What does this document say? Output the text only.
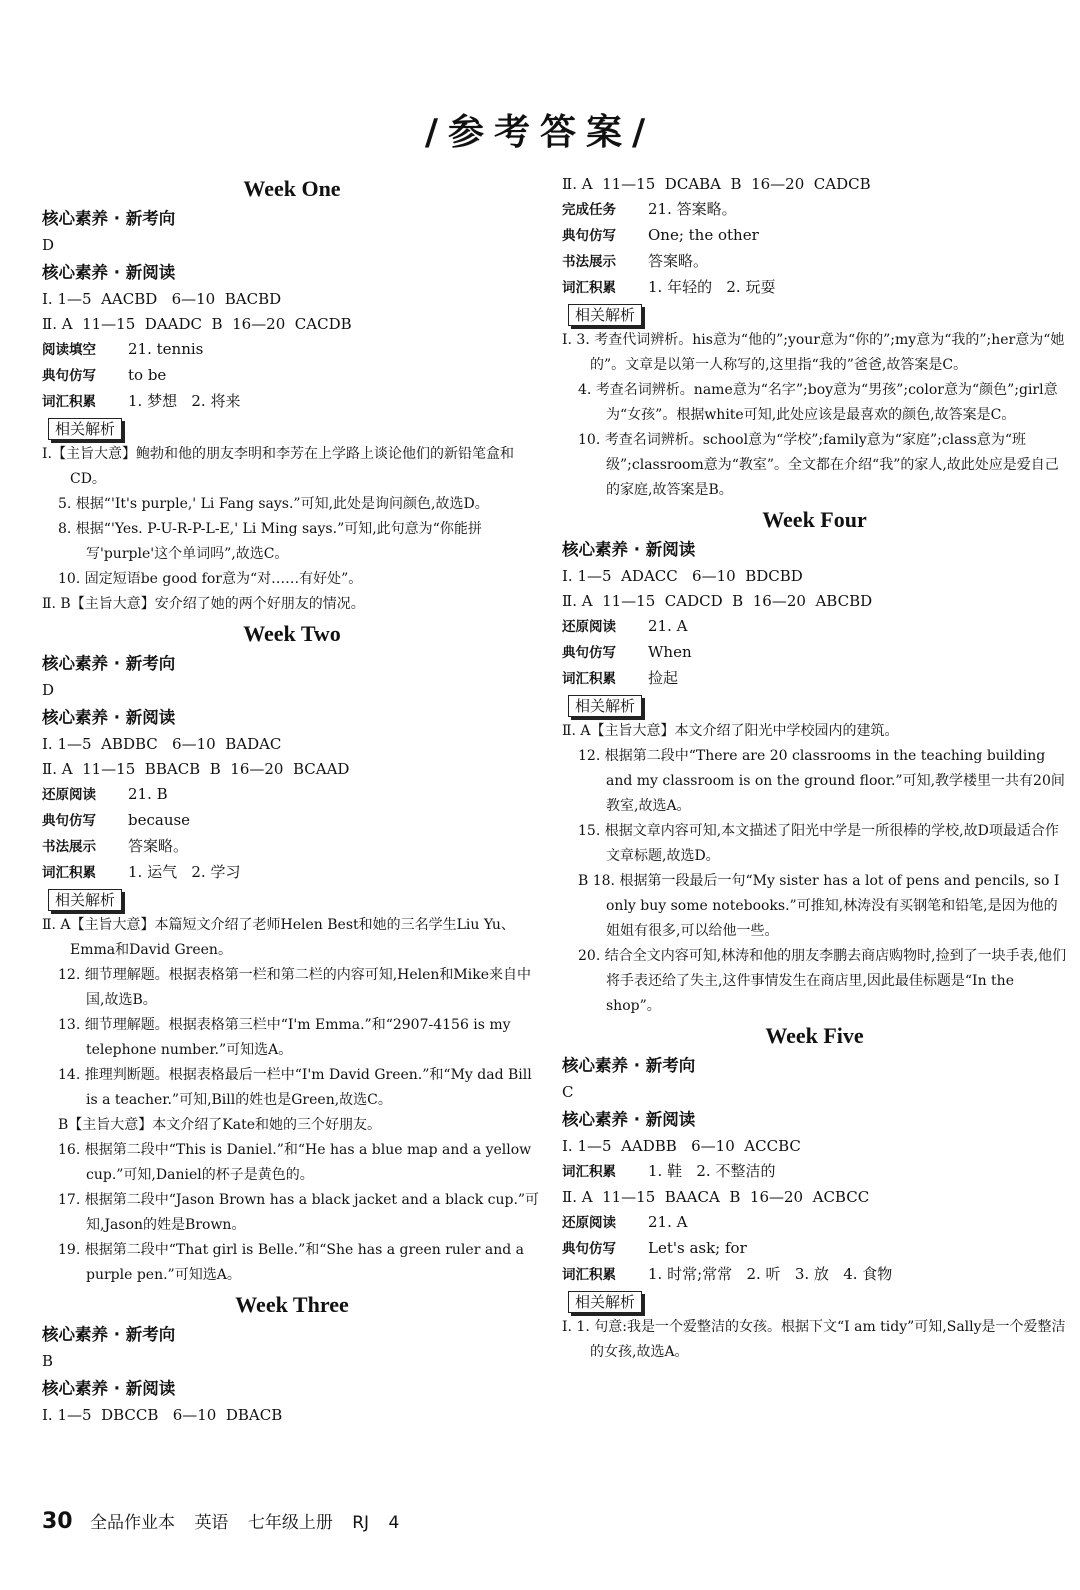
/参考答案/
Week One
核心素养 · 新考向
D
核心素养 · 新阅读
Ⅰ. 1—5  AACBD   6—10  BACBD
Ⅱ. A  11—15  DAADC  B  16—20  CACDB
阅读填空 21. tennis
典句仿写 to be
词汇积累 1. 梦想   2. 将来
相关解析
Ⅰ.【主旨大意】鲍勃和他的朋友李明和李芳在上学路上谈论他们的新铅笔盒和CD。
5. 根据“'It's purple,' Li Fang says.”可知,此处是询问颜色,故选D。
8. 根据“'Yes. P-U-R-P-L-E,' Li Ming says.”可知,此句意为“你能拼写'purple'这个单词吗”,故选C。
10. 固定短语be good for意为“对……有好处”。
Ⅱ. B【主旨大意】安介绍了她的两个好朋友的情况。
Week Two
核心素养 · 新考向
D
核心素养 · 新阅读
Ⅰ. 1—5  ABDBC   6—10  BADAC
Ⅱ. A  11—15  BBACB  B  16—20  BCAAD
还原阅读 21. B
典句仿写 because
书法展示 答案略。
词汇积累 1. 运气   2. 学习
相关解析
Ⅱ. A【主旨大意】本篇短文介绍了老师Helen Best和她的三名学生Liu Yu、Emma和David Green。
12. 细节理解题。根据表格第一栏和第二栏的内容可知,Helen和Mike来自中国,故选B。
13. 细节理解题。根据表格第三栏中“I'm Emma.”和“2907-4156 is my telephone number.”可知选A。
14. 推理判断题。根据表格最后一栏中“I'm David Green.”和“My dad Bill is a teacher.”可知,Bill的姓也是Green,故选C。
B【主旨大意】本文介绍了Kate和她的三个好朋友。
16. 根据第二段中“This is Daniel.”和“He has a blue map and a yellow cup.”可知,Daniel的杯子是黄色的。
17. 根据第二段中“Jason Brown has a black jacket and a black cup.”可知,Jason的姓是Brown。
19. 根据第二段中“That girl is Belle.”和“She has a green ruler and a purple pen.”可知选A。
Week Three
核心素养 · 新考向
B
核心素养 · 新阅读
Ⅰ. 1—5  DBCCB   6—10  DBACB
Ⅱ. A  11—15  DCABA  B  16—20  CADCB
完成任务 21. 答案略。
典句仿写 One; the other
书法展示 答案略。
词汇积累 1. 年轻的   2. 玩耍
相关解析
Ⅰ. 3. 考查代词辨析。his意为“他的”;your意为“你的”;my意为“我的”;her意为“她的”。文章是以第一人称写的,这里指“我的”爸爸,故答案是C。
4. 考查名词辨析。name意为“名字”;boy意为“男孩”;color意为“颜色”;girl意为“女孩”。根据white可知,此处应该是最喜欢的颜色,故答案是C。
10. 考查名词辨析。school意为“学校”;family意为“家庭”;class意为“班级”;classroom意为“教室”。全文都在介绍“我”的家人,故此处应是爱自己的家庭,故答案是B。
Week Four
核心素养 · 新阅读
Ⅰ. 1—5  ADACC   6—10  BDCBD
Ⅱ. A  11—15  CADCD  B  16—20  ABCBD
还原阅读 21. A
典句仿写 When
词汇积累 捡起
相关解析
Ⅱ. A【主旨大意】本文介绍了阳光中学校园内的建筑。
12. 根据第二段中“There are 20 classrooms in the teaching building and my classroom is on the ground floor.”可知,教学楼里一共有20间教室,故选A。
15. 根据文章内容可知,本文描述了阳光中学是一所很棒的学校,故D项最适合作文章标题,故选D。
B 18. 根据第一段最后一句“My sister has a lot of pens and pencils, so I only buy some notebooks.”可推知,林涛没有买钢笔和铅笔,是因为他的姐姐有很多,可以给他一些。
20. 结合全文内容可知,林涛和他的朋友李鹏去商店购物时,捡到了一块手表,他们将手表还给了失主,这件事情发生在商店里,因此最佳标题是“In the shop”。
Week Five
核心素养 · 新考向
C
核心素养 · 新阅读
Ⅰ. 1—5  AADBB   6—10  ACCBC
词汇积累 1. 鞋   2. 不整洁的
Ⅱ. A  11—15  BAACA  B  16—20  ACBCC
还原阅读 21. A
典句仿写 Let's ask; for
词汇积累 1. 时常;常常   2. 听   3. 放   4. 食物
相关解析
Ⅰ. 1. 句意:我是一个爱整洁的女孩。根据下文“I am tidy”可知,Sally是一个爱整洁的女孩,故选A。
30 全品作业本 英语 七年级上册 RJ 4
